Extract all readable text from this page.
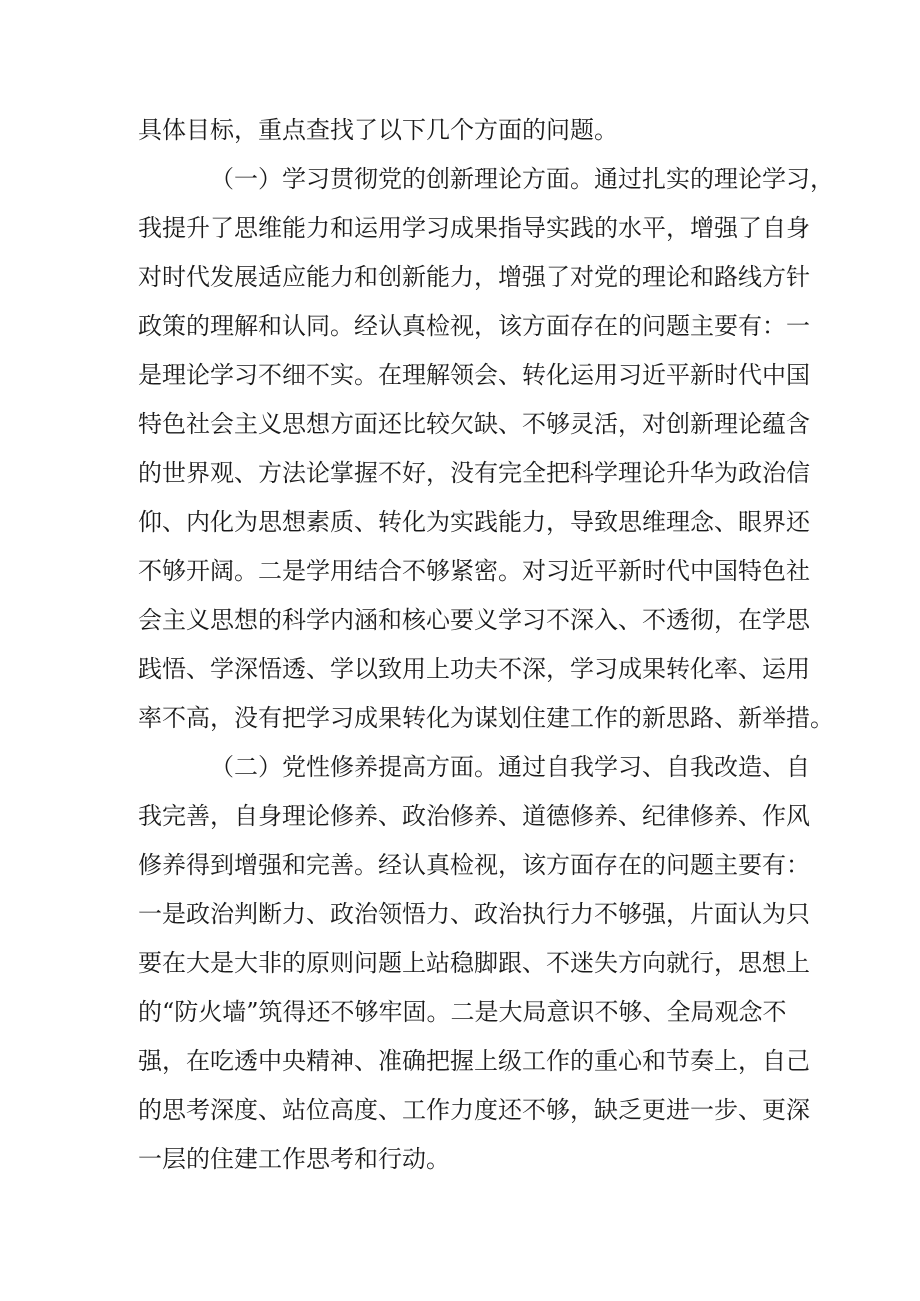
具体目标，重点查找了以下几个方面的问题。

（一）学习贯彻党的创新理论方面。通过扎实的理论学习，

我提升了思维能力和运用学习成果指导实践的水平，增强了自身

对时代发展适应能力和创新能力，增强了对党的理论和路线方针

政策的理解和认同。经认真检视，该方面存在的问题主要有：一

是理论学习不细不实。在理解领会、转化运用习近平新时代中国

特色社会主义思想方面还比较欠缺、不够灵活，对创新理论蕴含

的世界观、方法论掌握不好，没有完全把科学理论升华为政治信

仰、内化为思想素质、转化为实践能力，导致思维理念、眼界还

不够开阔。二是学用结合不够紧密。对习近平新时代中国特色社

会主义思想的科学内涵和核心要义学习不深入、不透彻，在学思

践悟、学深悟透、学以致用上功夫不深，学习成果转化率、运用

率不高，没有把学习成果转化为谋划住建工作的新思路、新举措。

（二）党性修养提高方面。通过自我学习、自我改造、自

我完善，自身理论修养、政治修养、道德修养、纪律修养、作风

修养得到增强和完善。经认真检视，该方面存在的问题主要有：

一是政治判断力、政治领悟力、政治执行力不够强，片面认为只

要在大是大非的原则问题上站稳脚跟、不迷失方向就行，思想上

的“防火墙”筑得还不够牢固。二是大局意识不够、全局观念不

强，在吃透中央精神、准确把握上级工作的重心和节奏上，自己

的思考深度、站位高度、工作力度还不够，缺乏更进一步、更深

一层的住建工作思考和行动。
